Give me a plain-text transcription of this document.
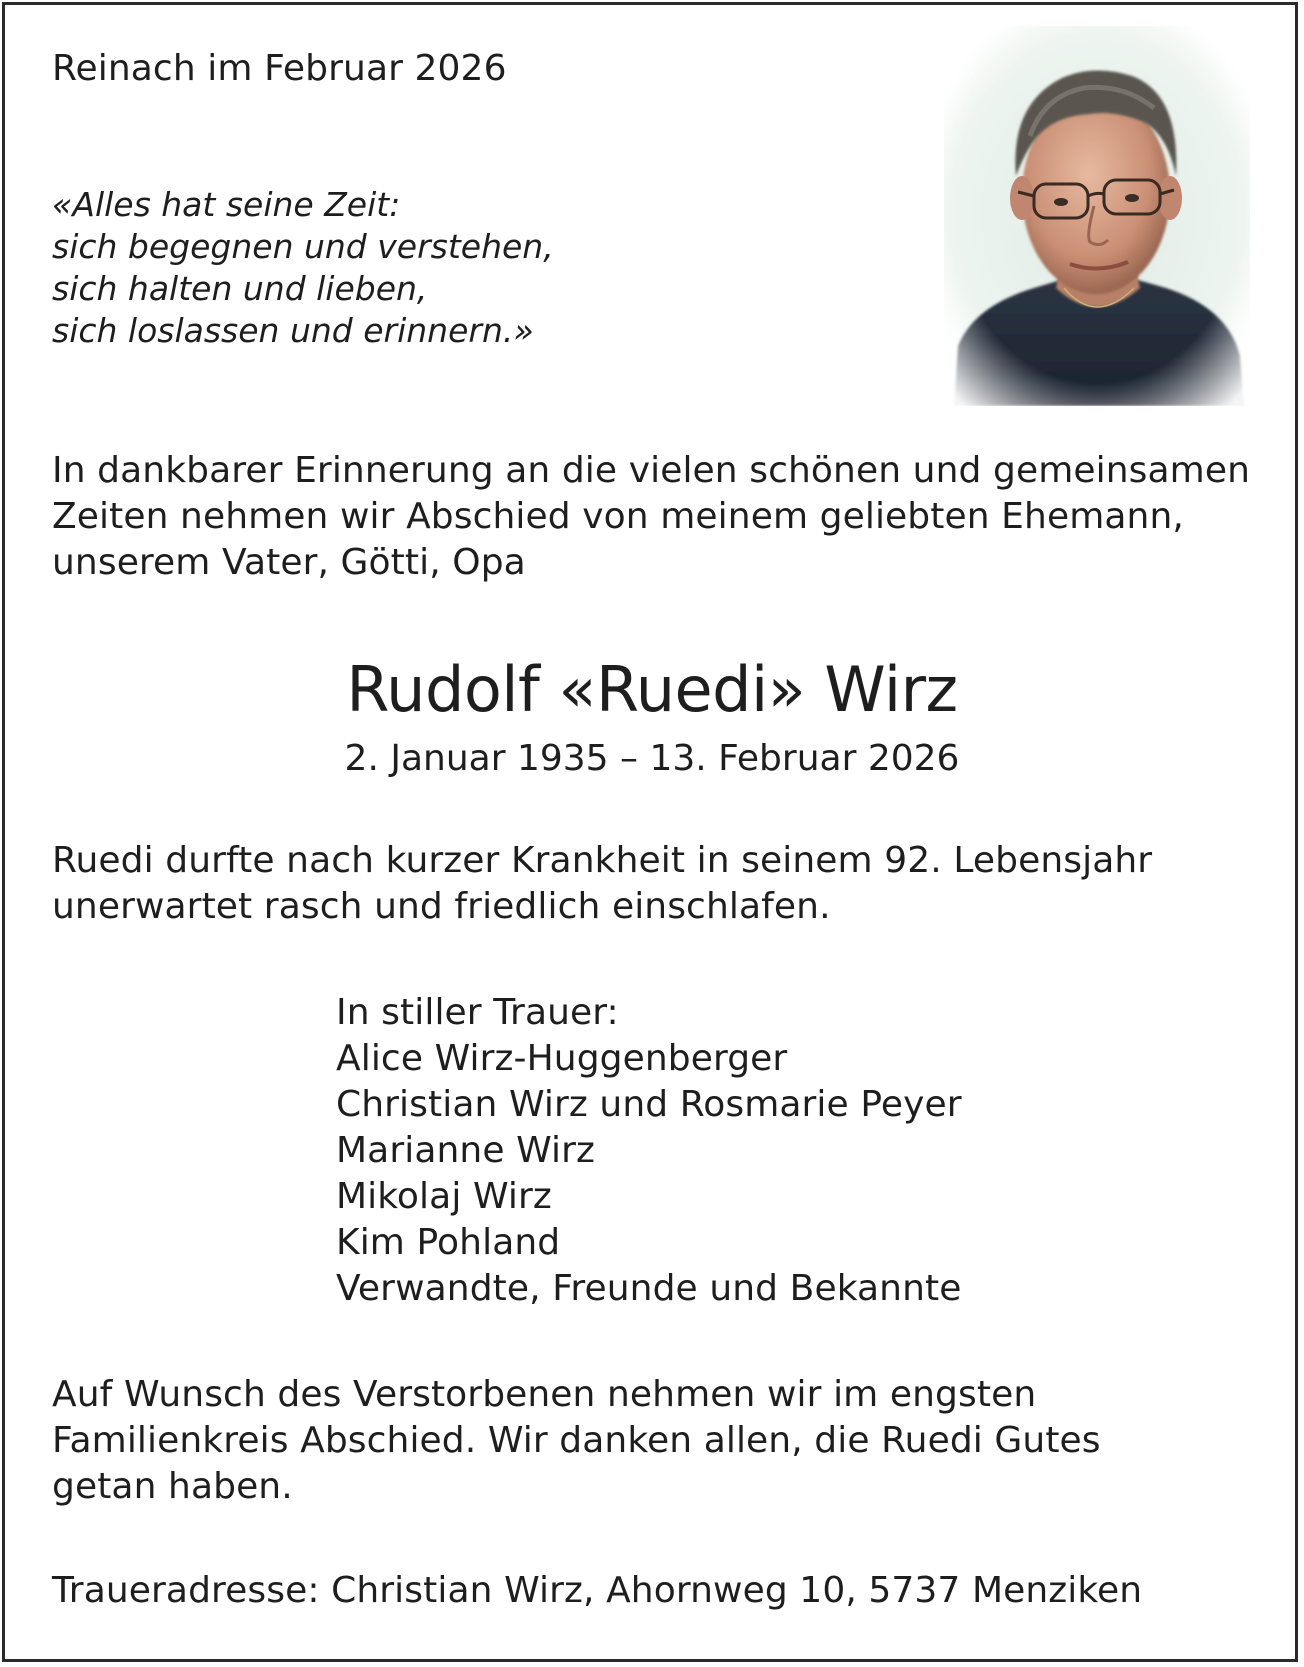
Reinach im Februar 2026
«Alles hat seine Zeit:
sich begegnen und verstehen,
sich halten und lieben,
sich loslassen und erinnern.»
In dankbarer Erinnerung an die vielen schönen und gemeinsamen
Zeiten nehmen wir Abschied von meinem geliebten Ehemann,
unserem Vater, Götti, Opa
Rudolf «Ruedi» Wirz
2. Januar 1935 – 13. Februar 2026
Ruedi durfte nach kurzer Krankheit in seinem 92. Lebensjahr
unerwartet rasch und friedlich einschlafen.
In stiller Trauer:
Alice Wirz-Huggenberger
Christian Wirz und Rosmarie Peyer
Marianne Wirz
Mikolaj Wirz
Kim Pohland
Verwandte, Freunde und Bekannte
Auf Wunsch des Verstorbenen nehmen wir im engsten
Familienkreis Abschied. Wir danken allen, die Ruedi Gutes
getan haben.
Traueradresse: Christian Wirz, Ahornweg 10, 5737 Menziken
